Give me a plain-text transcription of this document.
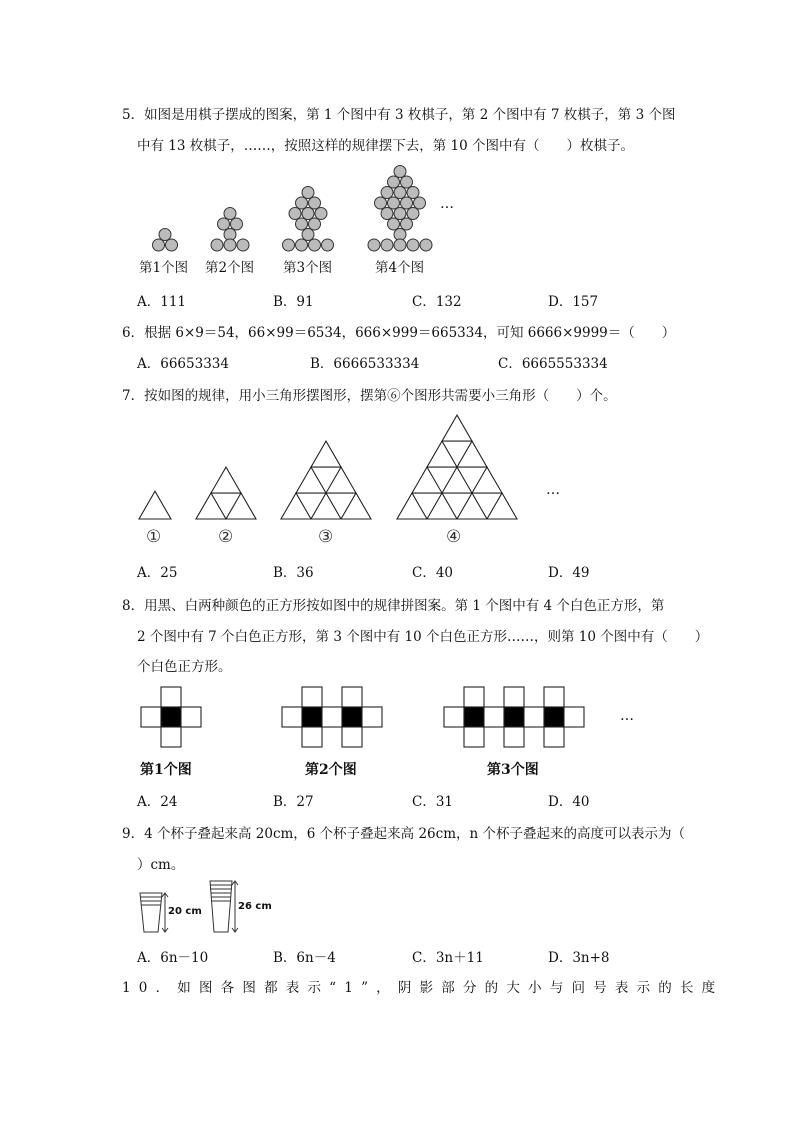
5．如图是用棋子摆成的图案，第 1 个图中有 3 枚棋子，第 2 个图中有 7 枚棋子，第 3 个图
中有 13 枚棋子，……，按照这样的规律摆下去，第 10 个图中有（　　）枚棋子。
第1个图 第2个图 第3个图	第4个图
…
A．111	B．91	C．132	D．157
6．根据 6×9＝54，66×99＝6534，666×999＝665334，可知 6666×9999＝（　　）
A．66653334	B．6666533334	C．6665553334
7．按如图的规律，用小三角形摆图形，摆第⑥个图形共需要小三角形（　　）个。
①	②	③	④
…
A．25	B．36	C．40	D．49
8．用黑、白两种颜色的正方形按如图中的规律拼图案。第 1 个图中有 4 个白色正方形，第
2 个图中有 7 个白色正方形，第 3 个图中有 10 个白色正方形……，则第 10 个图中有（　　）
个白色正方形。
第1个图	第2个图	第3个图
…
A．24	B．27	C．31	D．40
9．4 个杯子叠起来高 20cm，6 个杯子叠起来高 26cm，n 个杯子叠起来的高度可以表示为（
）cm。
20 cm	26 cm
A．6n－10	B．6n－4	C．3n＋11	D．3n+8
10．如图各图都表示“1”，阴影部分的大小与问号表示的长度
